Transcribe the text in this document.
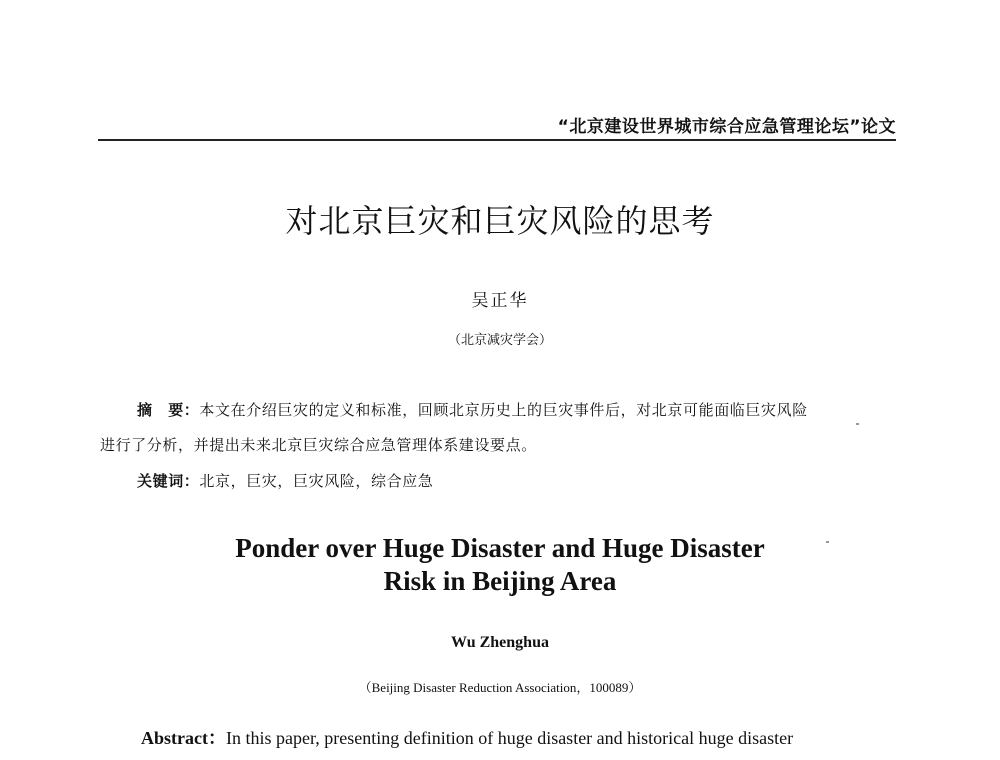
“北京建设世界城市综合应急管理论坛”论文
对北京巨灾和巨灾风险的思考
吴正华
（北京减灾学会）
摘　要：本文在介绍巨灾的定义和标准，回顾北京历史上的巨灾事件后，对北京可能面临巨灾风险
进行了分析，并提出未来北京巨灾综合应急管理体系建设要点。
关键词：北京，巨灾，巨灾风险，综合应急
Ponder over Huge Disaster and Huge Disaster
Risk in Beijing Area
Wu Zhenghua
（Beijing Disaster Reduction Association，100089）
Abstract：In this paper, presenting definition of huge disaster and historical huge disaster
